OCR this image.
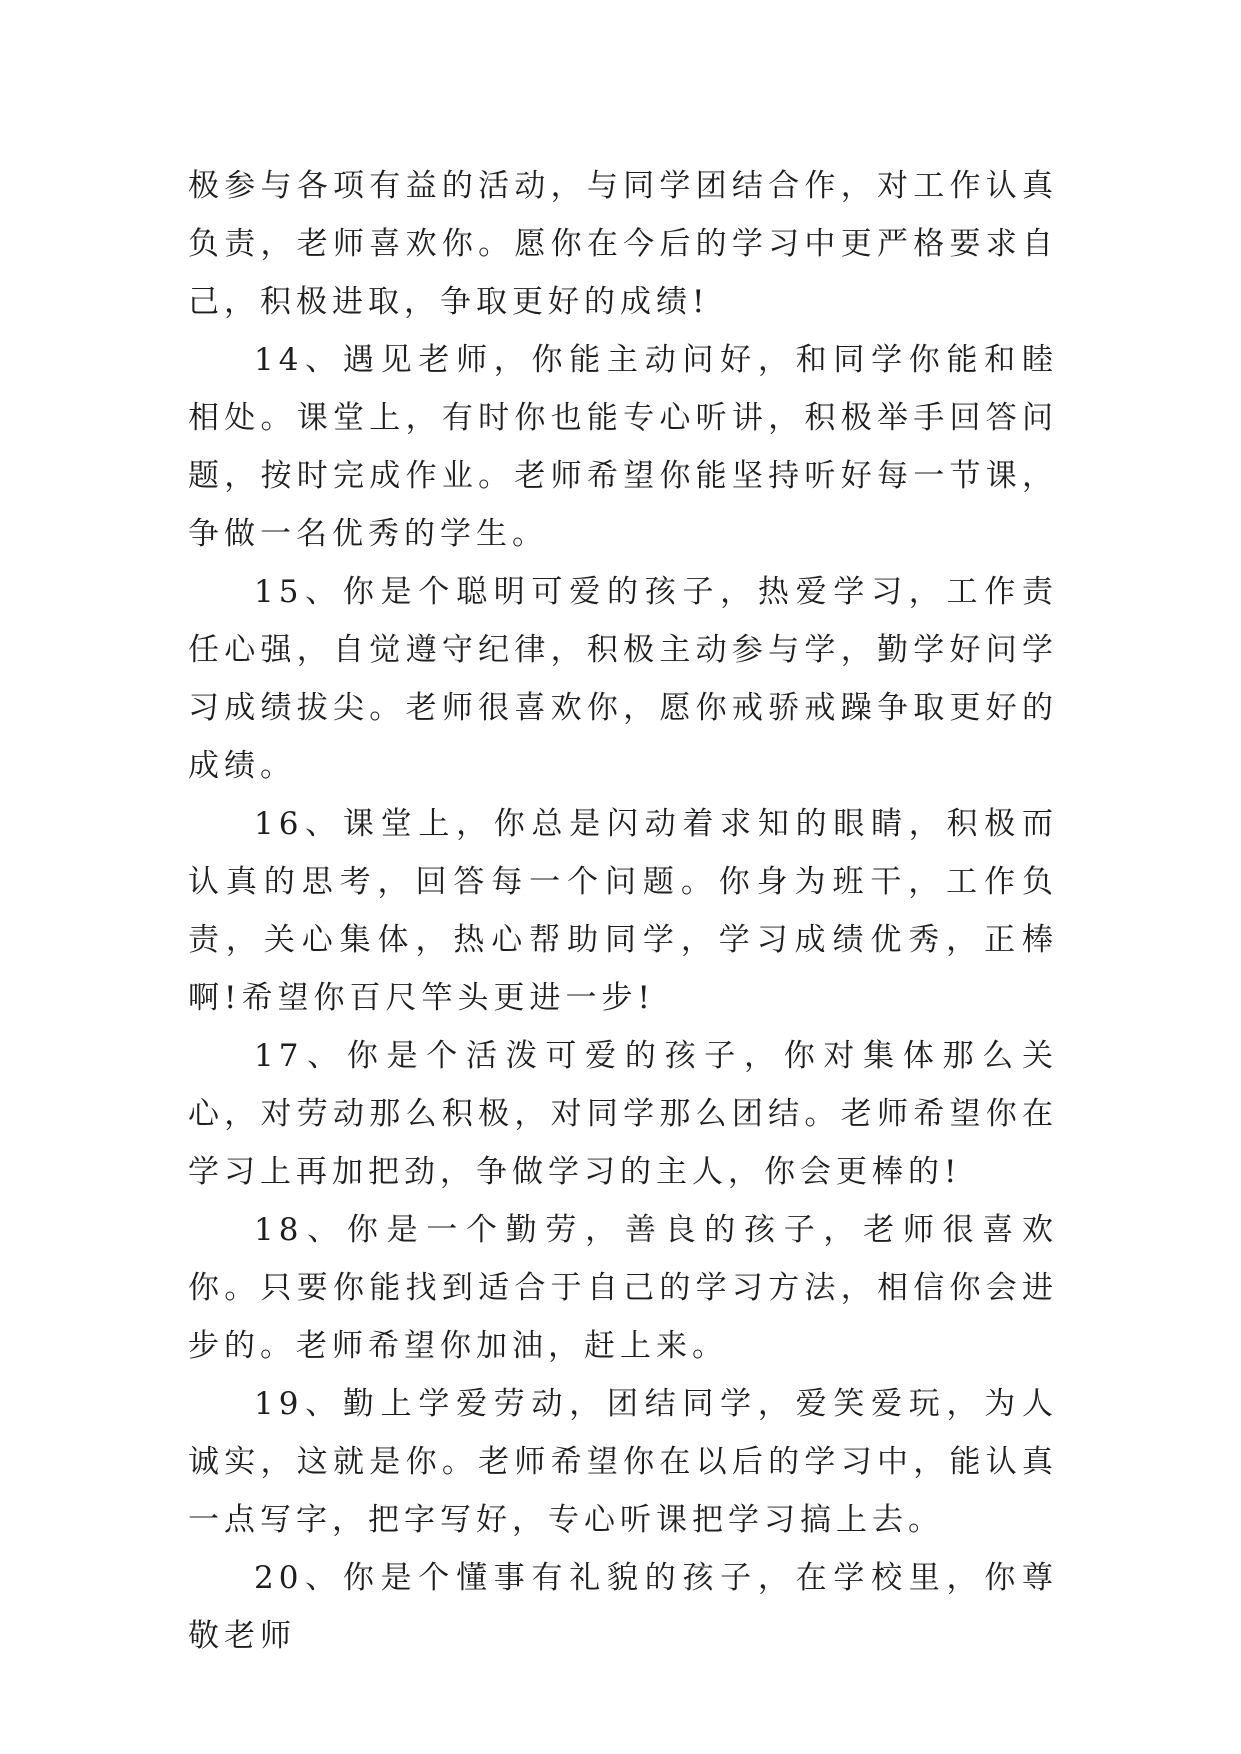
极参与各项有益的活动，与同学团结合作，对工作认真负责，老师喜欢你。愿你在今后的学习中更严格要求自己，积极进取，争取更好的成绩!

14、遇见老师，你能主动问好，和同学你能和睦相处。课堂上，有时你也能专心听讲，积极举手回答问题，按时完成作业。老师希望你能坚持听好每一节课，争做一名优秀的学生。

15、你是个聪明可爱的孩子，热爱学习，工作责任心强，自觉遵守纪律，积极主动参与学，勤学好问学习成绩拔尖。老师很喜欢你，愿你戒骄戒躁争取更好的成绩。

16、课堂上，你总是闪动着求知的眼睛，积极而认真的思考，回答每一个问题。你身为班干，工作负责，关心集体，热心帮助同学，学习成绩优秀，正棒啊!希望你百尺竿头更进一步!

17、你是个活泼可爱的孩子，你对集体那么关心，对劳动那么积极，对同学那么团结。老师希望你在学习上再加把劲，争做学习的主人，你会更棒的!

18、你是一个勤劳，善良的孩子，老师很喜欢你。只要你能找到适合于自己的学习方法，相信你会进步的。老师希望你加油，赶上来。

19、勤上学爱劳动，团结同学，爱笑爱玩，为人诚实，这就是你。老师希望你在以后的学习中，能认真一点写字，把字写好，专心听课把学习搞上去。

20、你是个懂事有礼貌的孩子，在学校里，你尊敬老师
